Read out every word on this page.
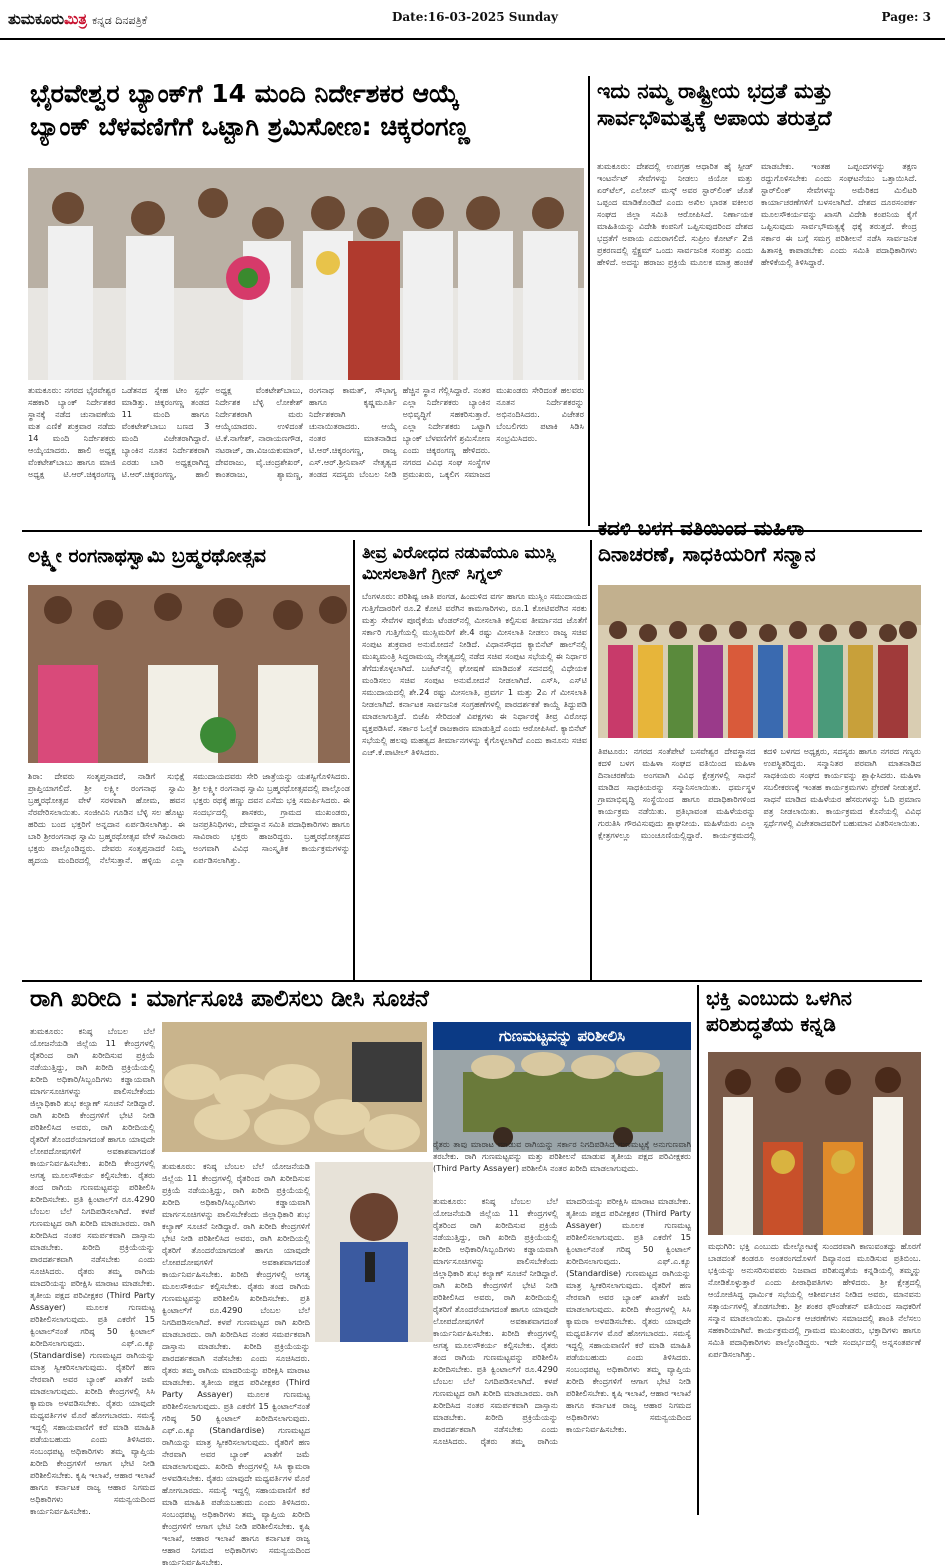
ತುಮಕೂರುಮಿತ್ರ ಕನ್ನಡ ದಿನಪತ್ರಿಕೆ	Date:16-03-2025 Sunday	Page: 3
ಭೈರವೇಶ್ವರ ಬ್ಯಾಂಕ್‌ಗೆ 14 ಮಂದಿ ನಿರ್ದೇಶಕರ ಆಯ್ಕೆ
ಬ್ಯಾಂಕ್ ಬೆಳವಣಿಗೆಗೆ ಒಟ್ಟಾಗಿ ಶ್ರಮಿಸೋಣ: ಚಿಕ್ಕರಂಗಣ್ಣ
ತುಮಕೂರು: ನಗರದ ಭೈರವೇಶ್ವರ ಸಹಕಾರಿ ಬ್ಯಾಂಕ್ ನಿರ್ದೇಶಕರ ಸ್ಥಾನಕ್ಕೆ ನಡೆದ ಚುನಾವಣೆಯ ಮತ ಎಣಿಕೆ ಶುಕ್ರವಾರ ನಡೆದು 14 ಮಂದಿ ನಿರ್ದೇಶಕರು ಆಯ್ಕೆಯಾದರು. ಹಾಲಿ ಅಧ್ಯಕ್ಷ ವೆಂಕಟೇಶ್‌ಬಾಬು ಹಾಗೂ ಮಾಜಿ ಅಧ್ಯಕ್ಷ ಟಿ.ಆರ್.ಚಿಕ್ಕರಂಗಣ್ಣ ಒಡೆತನದ ಸ್ನೇಹ ಟೀಂ ಸ್ಪರ್ಧೆ ಮಾಡಿತ್ತು. ಚಿಕ್ಕರಂಗಣ್ಣ ತಂಡದ 11 ಮಂದಿ ಹಾಗೂ ವೆಂಕಟೇಶ್‌ಬಾಬು ಬಣದ 3 ಮಂದಿ ವಿಜೇತರಾಗಿದ್ದಾರೆ. ಬ್ಯಾಂಕಿನ ನೂತನ ನಿರ್ದೇಶಕರಾಗಿ ಎರಡು ಬಾರಿ ಅಧ್ಯಕ್ಷರಾಗಿದ್ದ ಟಿ.ಆರ್.ಚಿಕ್ಕರಂಗಣ್ಣ, ಹಾಲಿ ಅಧ್ಯಕ್ಷ ವೆಂಕಟೇಶ್‌ಬಾಬು, ನಿರ್ದೇಶಕ ಬೆಳ್ಳಿ ಲೋಕೇಶ್ ನಿರ್ದೇಶಕರಾಗಿ ಮರು ಆಯ್ಕೆಯಾದರು. ಉಳಿದಂತೆ ಟಿ.ಕೆ.ನಾಗೇಶ್, ನಾರಾಯಣಗೌಡ, ನಟರಾಜ್, ಡಾ.ವಿಜಯಕುಮಾರ್, ದೇವರಾಜು, ವೈ.ಚಂದ್ರಶೇಖರ್, ಕಾಂತರಾಜು, ಶ್ಯಾಮಣ್ಣ, ರಂಗನಾಥ ಕಾಮತ್, ಸೌಭಾಗ್ಯ ಹಾಗೂ ಕೃಷ್ಣಮೂರ್ತಿ ನಿರ್ದೇಶಕರಾಗಿ ಚುನಾಯಿತರಾದರು. ಆಯ್ಕೆ ನಂತರ ಮಾತನಾಡಿದ ಟಿ.ಆರ್.ಚಿಕ್ಕರಂಗಣ್ಣ, ರಾಜ್ಯ ಎಸ್.ಆರ್.ಶ್ರೀನಿವಾಸ್ ನೇತೃತ್ವದ ತಂಡದ ಸದಸ್ಯರು ಬೆಂಬಲ ನೀಡಿ ಹೆಚ್ಚಿನ ಸ್ಥಾನ ಗೆಲ್ಲಿಸಿದ್ದಾರೆ. ನಂತರ ಎಲ್ಲಾ ನಿರ್ದೇಶಕರು ಬ್ಯಾಂಕಿನ ಅಭಿವೃದ್ಧಿಗೆ ಸಹಕರಿಸುತ್ತಾರೆ. ಎಲ್ಲಾ ನಿರ್ದೇಶಕರು ಒಟ್ಟಾಗಿ ಬ್ಯಾಂಕ್ ಬೆಳವಣಿಗೆಗೆ ಶ್ರಮಿಸೋಣ ಎಂದು ಚಿಕ್ಕರಂಗಣ್ಣ ಹೇಳಿದರು. ನಗರದ ವಿವಿಧ ಸಂಘ ಸಂಸ್ಥೆಗಳ ಪ್ರಮುಖರು, ಒಕ್ಕಲಿಗ ಸಮಾಜದ ಮುಖಂಡರು ಸೇರಿದಂತೆ ಹಲವರು ನೂತನ ನಿರ್ದೇಶಕರನ್ನು ಅಭಿನಂದಿಸಿದರು. ವಿಜೇತರ ಬೆಂಬಲಿಗರು ಪಟಾಕಿ ಸಿಡಿಸಿ ಸಂಭ್ರಮಿಸಿದರು.
ಇದು ನಮ್ಮ ರಾಷ್ಟ್ರೀಯ ಭದ್ರತೆ ಮತ್ತು
ಸಾರ್ವಭೌಮತ್ವಕ್ಕೆ ಅಪಾಯ ತರುತ್ತದೆ
ತುಮಕೂರು: ದೇಶದಲ್ಲಿ ಉಪಗ್ರಹ ಆಧಾರಿತ ಹೈ ಸ್ಪೀಡ್ ಇಂಟರ್ನೆಟ್ ಸೇವೆಗಳನ್ನು ನೀಡಲು ಜಿಯೋ ಮತ್ತು ಏರ್‌ಟೆಲ್, ಎಲೋನ್ ಮಸ್ಕ್ ಅವರ ಸ್ಟಾರ್‌ಲಿಂಕ್ ಜೊತೆ ಒಪ್ಪಂದ ಮಾಡಿಕೊಂಡಿದೆ ಎಂದು ಅಖಿಲ ಭಾರತ ವಕೀಲರ ಸಂಘದ ಜಿಲ್ಲಾ ಸಮಿತಿ ಆರೋಪಿಸಿದೆ. ನಿರ್ಣಾಯಕ ಮಾಹಿತಿಯನ್ನು ವಿದೇಶಿ ಕಂಪನಿಗೆ ಒಪ್ಪಿಸುವುದರಿಂದ ದೇಶದ ಭದ್ರತೆಗೆ ಅಪಾಯ ಎದುರಾಗಲಿದೆ. ಸುಪ್ರೀಂ ಕೋರ್ಟ್ 2ಜಿ ಪ್ರಕರಣದಲ್ಲಿ ಸ್ಪೆಕ್ಟ್ರಮ್ ಒಂದು ಸಾರ್ವಜನಿಕ ಸಂಪತ್ತು ಎಂದು ಹೇಳಿದೆ. ಅದನ್ನು ಹರಾಜು ಪ್ರಕ್ರಿಯೆ ಮೂಲಕ ಮಾತ್ರ ಹಂಚಿಕೆ ಮಾಡಬೇಕು. ಇಂತಹ ಒಪ್ಪಂದಗಳನ್ನು ತಕ್ಷಣ ರದ್ದುಗೊಳಿಸಬೇಕು ಎಂದು ಸಂಘಟನೆಯು ಒತ್ತಾಯಿಸಿದೆ. ಸ್ಟಾರ್‌ಲಿಂಕ್ ಸೇವೆಗಳನ್ನು ಅಮೆರಿಕದ ಮಿಲಿಟರಿ ಕಾರ್ಯಾಚರಣೆಗಳಿಗೆ ಬಳಸಲಾಗಿದೆ. ದೇಶದ ದೂರಸಂಪರ್ಕ ಮೂಲಸೌಕರ್ಯವನ್ನು ಖಾಸಗಿ ವಿದೇಶಿ ಕಂಪನಿಯ ಕೈಗೆ ಒಪ್ಪಿಸುವುದು ಸಾರ್ವಭೌಮತ್ವಕ್ಕೆ ಧಕ್ಕೆ ತರುತ್ತದೆ. ಕೇಂದ್ರ ಸರ್ಕಾರ ಈ ಬಗ್ಗೆ ಸಮಗ್ರ ಪರಿಶೀಲನೆ ನಡೆಸಿ ಸಾರ್ವಜನಿಕ ಹಿತಾಸಕ್ತಿ ಕಾಪಾಡಬೇಕು ಎಂದು ಸಮಿತಿ ಪದಾಧಿಕಾರಿಗಳು ಹೇಳಿಕೆಯಲ್ಲಿ ತಿಳಿಸಿದ್ದಾರೆ.
ಲಕ್ಷ್ಮೀ ರಂಗನಾಥಸ್ವಾಮಿ ಬ್ರಹ್ಮರಥೋತ್ಸವ
ಶಿರಾ: ದೇವರು ಸಂತೃಪ್ತನಾದರೆ, ನಾಡಿಗೆ ಸುಭಿಕ್ಷೆ ಪ್ರಾಪ್ತಿಯಾಗಲಿದೆ. ಶ್ರೀ ಲಕ್ಷ್ಮೀ ರಂಗನಾಥ ಸ್ವಾಮಿ ಬ್ರಹ್ಮರಥೋತ್ಸವ ವೇಳೆ ಸರಳವಾಗಿ ಹೋಮ, ಹವನ ನೆರವೇರಿಸಲಾಯಿತು. ಸಂಜೀವಿನಿ ಗೂಡಿನ ಬೆಳ್ಳಿ ಸಲ ಹೊಟ್ಟು ಹರಿದು ಬಂದ ಭಕ್ತರಿಗೆ ಅನ್ನದಾನ ಏರ್ಪಡಿಸಲಾಗಿತ್ತು. ಈ ಬಾರಿ ಶ್ರೀರಂಗನಾಥ ಸ್ವಾಮಿ ಬ್ರಹ್ಮರಥೋತ್ಸವ ವೇಳೆ ಸಾವಿರಾರು ಭಕ್ತರು ಪಾಲ್ಗೊಂಡಿದ್ದರು. ದೇವರು ಸಂತೃಪ್ತನಾದರೆ ನಿಮ್ಮ ಹೃದಯ ಮಂದಿರದಲ್ಲಿ ನೆಲೆಸುತ್ತಾನೆ. ಹಳ್ಳಿಯ ಎಲ್ಲಾ ಸಮುದಾಯದವರು ಸೇರಿ ಜಾತ್ರೆಯನ್ನು ಯಶಸ್ವಿಗೊಳಿಸಿದರು. ಶ್ರೀ ಲಕ್ಷ್ಮೀ ರಂಗನಾಥ ಸ್ವಾಮಿ ಬ್ರಹ್ಮರಥೋತ್ಸವದಲ್ಲಿ ಪಾಲ್ಗೊಂಡ ಭಕ್ತರು ರಥಕ್ಕೆ ಹಣ್ಣು ದವನ ಎಸೆದು ಭಕ್ತಿ ಸಮರ್ಪಿಸಿದರು. ಈ ಸಂದರ್ಭದಲ್ಲಿ ಶಾಸಕರು, ಗ್ರಾಮದ ಮುಖಂಡರು, ಜನಪ್ರತಿನಿಧಿಗಳು, ದೇವಸ್ಥಾನ ಸಮಿತಿ ಪದಾಧಿಕಾರಿಗಳು ಹಾಗೂ ಸಾವಿರಾರು ಭಕ್ತರು ಹಾಜರಿದ್ದರು. ಬ್ರಹ್ಮರಥೋತ್ಸವದ ಅಂಗವಾಗಿ ವಿವಿಧ ಸಾಂಸ್ಕೃತಿಕ ಕಾರ್ಯಕ್ರಮಗಳನ್ನು ಏರ್ಪಡಿಸಲಾಗಿತ್ತು.
ತೀವ್ರ ವಿರೋಧದ ನಡುವೆಯೂ ಮುಸ್ಲಿ
ಮೀಸಲಾತಿಗೆ ಗ್ರೀನ್ ಸಿಗ್ನಲ್
ಬೆಂಗಳೂರು: ಪರಿಶಿಷ್ಟ ಜಾತಿ ಪಂಗಡ, ಹಿಂದುಳಿದ ವರ್ಗ ಹಾಗೂ ಮುಸ್ಲಿಂ ಸಮುದಾಯದ ಗುತ್ತಿಗೆದಾರರಿಗೆ ರೂ.2 ಕೋಟಿ ವರೆಗಿನ ಕಾಮಗಾರಿಗಳು, ರೂ.1 ಕೋಟಿವರೆಗಿನ ಸರಕು ಮತ್ತು ಸೇವೆಗಳ ಪೂರೈಕೆಯ ಟೆಂಡರ್‌ನಲ್ಲಿ ಮೀಸಲಾತಿ ಕಲ್ಪಿಸುವ ತೀರ್ಮಾನದ ಜೊತೆಗೆ ಸರ್ಕಾರಿ ಗುತ್ತಿಗೆಯಲ್ಲಿ ಮುಸ್ಲಿಮರಿಗೆ ಶೇ.4 ರಷ್ಟು ಮೀಸಲಾತಿ ನೀಡಲು ರಾಜ್ಯ ಸಚಿವ ಸಂಪುಟ ಶುಕ್ರವಾರ ಅನುಮೋದನೆ ನೀಡಿದೆ. ವಿಧಾನಸೌಧದ ಕ್ಯಾಬಿನೆಟ್ ಹಾಲ್‌ನಲ್ಲಿ ಮುಖ್ಯಮಂತ್ರಿ ಸಿದ್ದರಾಮಯ್ಯ ನೇತೃತ್ವದಲ್ಲಿ ನಡೆದ ಸಚಿವ ಸಂಪುಟ ಸಭೆಯಲ್ಲಿ ಈ ನಿರ್ಧಾರ ತೆಗೆದುಕೊಳ್ಳಲಾಗಿದೆ. ಬಜೆಟ್‌ನಲ್ಲಿ ಘೋಷಣೆ ಮಾಡಿದಂತೆ ಸದನದಲ್ಲಿ ವಿಧೇಯಕ ಮಂಡಿಸಲು ಸಚಿವ ಸಂಪುಟ ಅನುಮೋದನೆ ನೀಡಲಾಗಿದೆ. ಎಸ್‌ಸಿ, ಎಸ್‌ಟಿ ಸಮುದಾಯದಲ್ಲಿ ಶೇ.24 ರಷ್ಟು ಮೀಸಲಾತಿ, ಪ್ರವರ್ಗ 1 ಮತ್ತು 2ಎ ಗೆ ಮೀಸಲಾತಿ ನೀಡಲಾಗಿದೆ. ಕರ್ನಾಟಕ ಸಾರ್ವಜನಿಕ ಸಂಗ್ರಹಣೆಗಳಲ್ಲಿ ಪಾರದರ್ಶಕತೆ ಕಾಯ್ದೆ ತಿದ್ದುಪಡಿ ಮಾಡಲಾಗುತ್ತಿದೆ. ಬಿಜೆಪಿ ಸೇರಿದಂತೆ ವಿಪಕ್ಷಗಳು ಈ ನಿರ್ಧಾರಕ್ಕೆ ತೀವ್ರ ವಿರೋಧ ವ್ಯಕ್ತಪಡಿಸಿವೆ. ಸರ್ಕಾರ ಓಲೈಕೆ ರಾಜಕಾರಣ ಮಾಡುತ್ತಿದೆ ಎಂದು ಆರೋಪಿಸಿವೆ. ಕ್ಯಾಬಿನೆಟ್ ಸಭೆಯಲ್ಲಿ ಹಲವು ಮಹತ್ವದ ತೀರ್ಮಾನಗಳನ್ನು ಕೈಗೊಳ್ಳಲಾಗಿದೆ ಎಂದು ಕಾನೂನು ಸಚಿವ ಎಚ್.ಕೆ.ಪಾಟೀಲ್ ತಿಳಿಸಿದರು.
ಕದಳಿ ಬಳಗ ವತಿಯಿಂದ ಮಹಿಳಾ
ದಿನಾಚರಣೆ, ಸಾಧಕಿಯರಿಗೆ ಸನ್ಮಾನ
ತಿಪಟೂರು: ನಗರದ ಸಂತೆಪೇಟೆ ಬಸವೇಶ್ವರ ದೇವಸ್ಥಾನದ ಕದಳಿ ಬಳಗ ಮಹಿಳಾ ಸಂಘದ ವತಿಯಿಂದ ಮಹಿಳಾ ದಿನಾಚರಣೆಯ ಅಂಗವಾಗಿ ವಿವಿಧ ಕ್ಷೇತ್ರಗಳಲ್ಲಿ ಸಾಧನೆ ಮಾಡಿದ ಸಾಧಕಿಯರನ್ನು ಸನ್ಮಾನಿಸಲಾಯಿತು. ಧರ್ಮಸ್ಥಳ ಗ್ರಾಮಾಭಿವೃದ್ಧಿ ಸಂಸ್ಥೆಯಿಂದ ಹಾಗೂ ಪದಾಧಿಕಾರಿಗಳಿಂದ ಕಾರ್ಯಕ್ರಮ ನಡೆಯಿತು. ಪ್ರತಿಭಾವಂತ ಮಹಿಳೆಯರನ್ನು ಗುರುತಿಸಿ ಗೌರವಿಸುವುದು ಶ್ಲಾಘನೀಯ. ಮಹಿಳೆಯರು ಎಲ್ಲಾ ಕ್ಷೇತ್ರಗಳಲ್ಲೂ ಮುಂಚೂಣಿಯಲ್ಲಿದ್ದಾರೆ. ಕಾರ್ಯಕ್ರಮದಲ್ಲಿ ಕದಳಿ ಬಳಗದ ಅಧ್ಯಕ್ಷರು, ಸದಸ್ಯರು ಹಾಗೂ ನಗರದ ಗಣ್ಯರು ಉಪಸ್ಥಿತರಿದ್ದರು. ಸನ್ಮಾನಿತರ ಪರವಾಗಿ ಮಾತನಾಡಿದ ಸಾಧಕಿಯರು ಸಂಘದ ಕಾರ್ಯವನ್ನು ಶ್ಲಾಘಿಸಿದರು. ಮಹಿಳಾ ಸಬಲೀಕರಣಕ್ಕೆ ಇಂತಹ ಕಾರ್ಯಕ್ರಮಗಳು ಪ್ರೇರಣೆ ನೀಡುತ್ತವೆ. ಸಾಧನೆ ಮಾಡಿದ ಮಹಿಳೆಯರ ಹೆಸರುಗಳನ್ನು ಓದಿ ಪ್ರಮಾಣ ಪತ್ರ ನೀಡಲಾಯಿತು. ಕಾರ್ಯಕ್ರಮದ ಕೊನೆಯಲ್ಲಿ ವಿವಿಧ ಸ್ಪರ್ಧೆಗಳಲ್ಲಿ ವಿಜೇತರಾದವರಿಗೆ ಬಹುಮಾನ ವಿತರಿಸಲಾಯಿತು.
ರಾಗಿ ಖರೀದಿ : ಮಾರ್ಗಸೂಚಿ ಪಾಲಿಸಲು ಡೀಸಿ ಸೂಚನೆ
ಗುಣಮಟ್ಟವನ್ನು ಪರಿಶೀಲಿಸಿ
ರೈತರು ತಾವು ಮಾರಾಟ ಮಾಡುವ ರಾಗಿಯನ್ನು ಸರ್ಕಾರ ನಿಗದಿಪಡಿಸಿದ ಗುಣಮಟ್ಟಕ್ಕೆ ಅನುಗುಣವಾಗಿ ತರಬೇಕು. ರಾಗಿ ಗುಣಮಟ್ಟವನ್ನು ಮತ್ತು ಪರಿಶೀಲನೆ ಮಾಡುವ ತೃತೀಯ ಪಕ್ಷದ ಪರಿವೀಕ್ಷಕರು (Third Party Assayer) ಪರಿಶೀಲಿಸಿ ನಂತರ ಖರೀದಿ ಮಾಡಲಾಗುವುದು.
ತುಮಕೂರು: ಕನಿಷ್ಠ ಬೆಂಬಲ ಬೆಲೆ ಯೋಜನೆಯಡಿ ಜಿಲ್ಲೆಯ 11 ಕೇಂದ್ರಗಳಲ್ಲಿ ರೈತರಿಂದ ರಾಗಿ ಖರೀದಿಸುವ ಪ್ರಕ್ರಿಯೆ ನಡೆಯುತ್ತಿದ್ದು, ರಾಗಿ ಖರೀದಿ ಪ್ರಕ್ರಿಯೆಯಲ್ಲಿ ಖರೀದಿ ಅಧಿಕಾರಿ/ಸಿಬ್ಬಂದಿಗಳು ಕಡ್ಡಾಯವಾಗಿ ಮಾರ್ಗಸೂಚಿಗಳನ್ನು ಪಾಲಿಸಬೇಕೆಂದು ಜಿಲ್ಲಾಧಿಕಾರಿ ಶುಭ ಕಲ್ಯಾಣ್ ಸೂಚನೆ ನೀಡಿದ್ದಾರೆ. ರಾಗಿ ಖರೀದಿ ಕೇಂದ್ರಗಳಿಗೆ ಭೇಟಿ ನೀಡಿ ಪರಿಶೀಲಿಸಿದ ಅವರು, ರಾಗಿ ಖರೀದಿಯಲ್ಲಿ ರೈತರಿಗೆ ತೊಂದರೆಯಾಗದಂತೆ ಹಾಗೂ ಯಾವುದೇ ಲೋಪದೋಷಗಳಿಗೆ ಅವಕಾಶವಾಗದಂತೆ ಕಾರ್ಯನಿರ್ವಹಿಸಬೇಕು. ಖರೀದಿ ಕೇಂದ್ರಗಳಲ್ಲಿ ಅಗತ್ಯ ಮೂಲಸೌಕರ್ಯ ಕಲ್ಪಿಸಬೇಕು. ರೈತರು ತಂದ ರಾಗಿಯ ಗುಣಮಟ್ಟವನ್ನು ಪರಿಶೀಲಿಸಿ ಖರೀದಿಸಬೇಕು. ಪ್ರತಿ ಕ್ವಿಂಟಾಲ್‌ಗೆ ರೂ.4290 ಬೆಂಬಲ ಬೆಲೆ ನಿಗದಿಪಡಿಸಲಾಗಿದೆ. ಕಳಪೆ ಗುಣಮಟ್ಟದ ರಾಗಿ ಖರೀದಿ ಮಾಡಬಾರದು. ರಾಗಿ ಖರೀದಿಸಿದ ನಂತರ ಸಮರ್ಪಕವಾಗಿ ದಾಸ್ತಾನು ಮಾಡಬೇಕು. ಖರೀದಿ ಪ್ರಕ್ರಿಯೆಯನ್ನು ಪಾರದರ್ಶಕವಾಗಿ ನಡೆಸಬೇಕು ಎಂದು ಸೂಚಿಸಿದರು. ರೈತರು ತಮ್ಮ ರಾಗಿಯ ಮಾದರಿಯನ್ನು ಪರೀಕ್ಷಿಸಿ ಮಾರಾಟ ಮಾಡಬೇಕು. ತೃತೀಯ ಪಕ್ಷದ ಪರಿವೀಕ್ಷಕರ (Third Party Assayer) ಮೂಲಕ ಗುಣಮಟ್ಟ ಪರಿಶೀಲಿಸಲಾಗುವುದು. ಪ್ರತಿ ಎಕರೆಗೆ 15 ಕ್ವಿಂಟಾಲ್‌ನಂತೆ ಗರಿಷ್ಠ 50 ಕ್ವಿಂಟಾಲ್ ಖರೀದಿಸಲಾಗುವುದು. ಎಫ್.ಎ.ಕ್ಯೂ (Standardise) ಗುಣಮಟ್ಟದ ರಾಗಿಯನ್ನು ಮಾತ್ರ ಸ್ವೀಕರಿಸಲಾಗುವುದು. ರೈತರಿಗೆ ಹಣ ನೇರವಾಗಿ ಅವರ ಬ್ಯಾಂಕ್ ಖಾತೆಗೆ ಜಮೆ ಮಾಡಲಾಗುವುದು. ಖರೀದಿ ಕೇಂದ್ರಗಳಲ್ಲಿ ಸಿಸಿ ಕ್ಯಾಮರಾ ಅಳವಡಿಸಬೇಕು. ರೈತರು ಯಾವುದೇ ಮಧ್ಯವರ್ತಿಗಳ ಮೊರೆ ಹೋಗಬಾರದು. ಸಮಸ್ಯೆ ಇದ್ದಲ್ಲಿ ಸಹಾಯವಾಣಿಗೆ ಕರೆ ಮಾಡಿ ಮಾಹಿತಿ ಪಡೆಯಬಹುದು ಎಂದು ತಿಳಿಸಿದರು. ಸಂಬಂಧಪಟ್ಟ ಅಧಿಕಾರಿಗಳು ತಮ್ಮ ವ್ಯಾಪ್ತಿಯ ಖರೀದಿ ಕೇಂದ್ರಗಳಿಗೆ ಆಗಾಗ ಭೇಟಿ ನೀಡಿ ಪರಿಶೀಲಿಸಬೇಕು. ಕೃಷಿ ಇಲಾಖೆ, ಆಹಾರ ಇಲಾಖೆ ಹಾಗೂ ಕರ್ನಾಟಕ ರಾಜ್ಯ ಆಹಾರ ನಿಗಮದ ಅಧಿಕಾರಿಗಳು ಸಮನ್ವಯದಿಂದ ಕಾರ್ಯನಿರ್ವಹಿಸಬೇಕು.
ತುಮಕೂರು: ಕನಿಷ್ಠ ಬೆಂಬಲ ಬೆಲೆ ಯೋಜನೆಯಡಿ ಜಿಲ್ಲೆಯ 11 ಕೇಂದ್ರಗಳಲ್ಲಿ ರೈತರಿಂದ ರಾಗಿ ಖರೀದಿಸುವ ಪ್ರಕ್ರಿಯೆ ನಡೆಯುತ್ತಿದ್ದು, ರಾಗಿ ಖರೀದಿ ಪ್ರಕ್ರಿಯೆಯಲ್ಲಿ ಖರೀದಿ ಅಧಿಕಾರಿ/ಸಿಬ್ಬಂದಿಗಳು ಕಡ್ಡಾಯವಾಗಿ ಮಾರ್ಗಸೂಚಿಗಳನ್ನು ಪಾಲಿಸಬೇಕೆಂದು ಜಿಲ್ಲಾಧಿಕಾರಿ ಶುಭ ಕಲ್ಯಾಣ್ ಸೂಚನೆ ನೀಡಿದ್ದಾರೆ. ರಾಗಿ ಖರೀದಿ ಕೇಂದ್ರಗಳಿಗೆ ಭೇಟಿ ನೀಡಿ ಪರಿಶೀಲಿಸಿದ ಅವರು, ರಾಗಿ ಖರೀದಿಯಲ್ಲಿ ರೈತರಿಗೆ ತೊಂದರೆಯಾಗದಂತೆ ಹಾಗೂ ಯಾವುದೇ ಲೋಪದೋಷಗಳಿಗೆ ಅವಕಾಶವಾಗದಂತೆ ಕಾರ್ಯನಿರ್ವಹಿಸಬೇಕು. ಖರೀದಿ ಕೇಂದ್ರಗಳಲ್ಲಿ ಅಗತ್ಯ ಮೂಲಸೌಕರ್ಯ ಕಲ್ಪಿಸಬೇಕು. ರೈತರು ತಂದ ರಾಗಿಯ ಗುಣಮಟ್ಟವನ್ನು ಪರಿಶೀಲಿಸಿ ಖರೀದಿಸಬೇಕು. ಪ್ರತಿ ಕ್ವಿಂಟಾಲ್‌ಗೆ ರೂ.4290 ಬೆಂಬಲ ಬೆಲೆ ನಿಗದಿಪಡಿಸಲಾಗಿದೆ. ಕಳಪೆ ಗುಣಮಟ್ಟದ ರಾಗಿ ಖರೀದಿ ಮಾಡಬಾರದು. ರಾಗಿ ಖರೀದಿಸಿದ ನಂತರ ಸಮರ್ಪಕವಾಗಿ ದಾಸ್ತಾನು ಮಾಡಬೇಕು. ಖರೀದಿ ಪ್ರಕ್ರಿಯೆಯನ್ನು ಪಾರದರ್ಶಕವಾಗಿ ನಡೆಸಬೇಕು ಎಂದು ಸೂಚಿಸಿದರು. ರೈತರು ತಮ್ಮ ರಾಗಿಯ ಮಾದರಿಯನ್ನು ಪರೀಕ್ಷಿಸಿ ಮಾರಾಟ ಮಾಡಬೇಕು. ತೃತೀಯ ಪಕ್ಷದ ಪರಿವೀಕ್ಷಕರ (Third Party Assayer) ಮೂಲಕ ಗುಣಮಟ್ಟ ಪರಿಶೀಲಿಸಲಾಗುವುದು. ಪ್ರತಿ ಎಕರೆಗೆ 15 ಕ್ವಿಂಟಾಲ್‌ನಂತೆ ಗರಿಷ್ಠ 50 ಕ್ವಿಂಟಾಲ್ ಖರೀದಿಸಲಾಗುವುದು. ಎಫ್.ಎ.ಕ್ಯೂ (Standardise) ಗುಣಮಟ್ಟದ ರಾಗಿಯನ್ನು ಮಾತ್ರ ಸ್ವೀಕರಿಸಲಾಗುವುದು. ರೈತರಿಗೆ ಹಣ ನೇರವಾಗಿ ಅವರ ಬ್ಯಾಂಕ್ ಖಾತೆಗೆ ಜಮೆ ಮಾಡಲಾಗುವುದು. ಖರೀದಿ ಕೇಂದ್ರಗಳಲ್ಲಿ ಸಿಸಿ ಕ್ಯಾಮರಾ ಅಳವಡಿಸಬೇಕು. ರೈತರು ಯಾವುದೇ ಮಧ್ಯವರ್ತಿಗಳ ಮೊರೆ ಹೋಗಬಾರದು. ಸಮಸ್ಯೆ ಇದ್ದಲ್ಲಿ ಸಹಾಯವಾಣಿಗೆ ಕರೆ ಮಾಡಿ ಮಾಹಿತಿ ಪಡೆಯಬಹುದು ಎಂದು ತಿಳಿಸಿದರು. ಸಂಬಂಧಪಟ್ಟ ಅಧಿಕಾರಿಗಳು ತಮ್ಮ ವ್ಯಾಪ್ತಿಯ ಖರೀದಿ ಕೇಂದ್ರಗಳಿಗೆ ಆಗಾಗ ಭೇಟಿ ನೀಡಿ ಪರಿಶೀಲಿಸಬೇಕು. ಕೃಷಿ ಇಲಾಖೆ, ಆಹಾರ ಇಲಾಖೆ ಹಾಗೂ ಕರ್ನಾಟಕ ರಾಜ್ಯ ಆಹಾರ ನಿಗಮದ ಅಧಿಕಾರಿಗಳು ಸಮನ್ವಯದಿಂದ ಕಾರ್ಯನಿರ್ವಹಿಸಬೇಕು.
ತುಮಕೂರು: ಕನಿಷ್ಠ ಬೆಂಬಲ ಬೆಲೆ ಯೋಜನೆಯಡಿ ಜಿಲ್ಲೆಯ 11 ಕೇಂದ್ರಗಳಲ್ಲಿ ರೈತರಿಂದ ರಾಗಿ ಖರೀದಿಸುವ ಪ್ರಕ್ರಿಯೆ ನಡೆಯುತ್ತಿದ್ದು, ರಾಗಿ ಖರೀದಿ ಪ್ರಕ್ರಿಯೆಯಲ್ಲಿ ಖರೀದಿ ಅಧಿಕಾರಿ/ಸಿಬ್ಬಂದಿಗಳು ಕಡ್ಡಾಯವಾಗಿ ಮಾರ್ಗಸೂಚಿಗಳನ್ನು ಪಾಲಿಸಬೇಕೆಂದು ಜಿಲ್ಲಾಧಿಕಾರಿ ಶುಭ ಕಲ್ಯಾಣ್ ಸೂಚನೆ ನೀಡಿದ್ದಾರೆ. ರಾಗಿ ಖರೀದಿ ಕೇಂದ್ರಗಳಿಗೆ ಭೇಟಿ ನೀಡಿ ಪರಿಶೀಲಿಸಿದ ಅವರು, ರಾಗಿ ಖರೀದಿಯಲ್ಲಿ ರೈತರಿಗೆ ತೊಂದರೆಯಾಗದಂತೆ ಹಾಗೂ ಯಾವುದೇ ಲೋಪದೋಷಗಳಿಗೆ ಅವಕಾಶವಾಗದಂತೆ ಕಾರ್ಯನಿರ್ವಹಿಸಬೇಕು. ಖರೀದಿ ಕೇಂದ್ರಗಳಲ್ಲಿ ಅಗತ್ಯ ಮೂಲಸೌಕರ್ಯ ಕಲ್ಪಿಸಬೇಕು. ರೈತರು ತಂದ ರಾಗಿಯ ಗುಣಮಟ್ಟವನ್ನು ಪರಿಶೀಲಿಸಿ ಖರೀದಿಸಬೇಕು. ಪ್ರತಿ ಕ್ವಿಂಟಾಲ್‌ಗೆ ರೂ.4290 ಬೆಂಬಲ ಬೆಲೆ ನಿಗದಿಪಡಿಸಲಾಗಿದೆ. ಕಳಪೆ ಗುಣಮಟ್ಟದ ರಾಗಿ ಖರೀದಿ ಮಾಡಬಾರದು. ರಾಗಿ ಖರೀದಿಸಿದ ನಂತರ ಸಮರ್ಪಕವಾಗಿ ದಾಸ್ತಾನು ಮಾಡಬೇಕು. ಖರೀದಿ ಪ್ರಕ್ರಿಯೆಯನ್ನು ಪಾರದರ್ಶಕವಾಗಿ ನಡೆಸಬೇಕು ಎಂದು ಸೂಚಿಸಿದರು. ರೈತರು ತಮ್ಮ ರಾಗಿಯ ಮಾದರಿಯನ್ನು ಪರೀಕ್ಷಿಸಿ ಮಾರಾಟ ಮಾಡಬೇಕು. ತೃತೀಯ ಪಕ್ಷದ ಪರಿವೀಕ್ಷಕರ (Third Party Assayer) ಮೂಲಕ ಗುಣಮಟ್ಟ ಪರಿಶೀಲಿಸಲಾಗುವುದು. ಪ್ರತಿ ಎಕರೆಗೆ 15 ಕ್ವಿಂಟಾಲ್‌ನಂತೆ ಗರಿಷ್ಠ 50 ಕ್ವಿಂಟಾಲ್ ಖರೀದಿಸಲಾಗುವುದು. ಎಫ್.ಎ.ಕ್ಯೂ (Standardise) ಗುಣಮಟ್ಟದ ರಾಗಿಯನ್ನು ಮಾತ್ರ ಸ್ವೀಕರಿಸಲಾಗುವುದು. ರೈತರಿಗೆ ಹಣ ನೇರವಾಗಿ ಅವರ ಬ್ಯಾಂಕ್ ಖಾತೆಗೆ ಜಮೆ ಮಾಡಲಾಗುವುದು. ಖರೀದಿ ಕೇಂದ್ರಗಳಲ್ಲಿ ಸಿಸಿ ಕ್ಯಾಮರಾ ಅಳವಡಿಸಬೇಕು. ರೈತರು ಯಾವುದೇ ಮಧ್ಯವರ್ತಿಗಳ ಮೊರೆ ಹೋಗಬಾರದು. ಸಮಸ್ಯೆ ಇದ್ದಲ್ಲಿ ಸಹಾಯವಾಣಿಗೆ ಕರೆ ಮಾಡಿ ಮಾಹಿತಿ ಪಡೆಯಬಹುದು ಎಂದು ತಿಳಿಸಿದರು. ಸಂಬಂಧಪಟ್ಟ ಅಧಿಕಾರಿಗಳು ತಮ್ಮ ವ್ಯಾಪ್ತಿಯ ಖರೀದಿ ಕೇಂದ್ರಗಳಿಗೆ ಆಗಾಗ ಭೇಟಿ ನೀಡಿ ಪರಿಶೀಲಿಸಬೇಕು. ಕೃಷಿ ಇಲಾಖೆ, ಆಹಾರ ಇಲಾಖೆ ಹಾಗೂ ಕರ್ನಾಟಕ ರಾಜ್ಯ ಆಹಾರ ನಿಗಮದ ಅಧಿಕಾರಿಗಳು ಸಮನ್ವಯದಿಂದ ಕಾರ್ಯನಿರ್ವಹಿಸಬೇಕು.
ಭಕ್ತಿ ಎಂಬುದು ಒಳಗಿನ
ಪರಿಶುದ್ಧತೆಯ ಕನ್ನಡಿ
ಮಧುಗಿರಿ: ಭಕ್ತಿ ಎಂಬುದು ಮೇಲ್ನೋಟಕ್ಕೆ ಸುಂದರವಾಗಿ ಕಾಣುವಂತದ್ದು ಹೊರಗೆ ಬಾಡದಂತೆ ಕಂಡರೂ ಅಂತರಂಗದೊಳಗೆ ದಿವ್ಯಾನಂದ ಮೂಡಿಸುವ ಪ್ರತಿಬಿಂಬ. ಭಕ್ತಿಯನ್ನು ಅನುಸರಿಸುವವರು ನಿಜವಾದ ಪರಿಶುದ್ಧತೆಯ ಕನ್ನಡಿಯಲ್ಲಿ ತಮ್ಮನ್ನು ನೋಡಿಕೊಳ್ಳುತ್ತಾರೆ ಎಂದು ಪೀಠಾಧಿಪತಿಗಳು ಹೇಳಿದರು. ಶ್ರೀ ಕ್ಷೇತ್ರದಲ್ಲಿ ಆಯೋಜಿಸಿದ್ದ ಧಾರ್ಮಿಕ ಸಭೆಯಲ್ಲಿ ಆಶೀರ್ವಚನ ನೀಡಿದ ಅವರು, ಮಾನವನು ಸತ್ಕಾರ್ಯಗಳಲ್ಲಿ ತೊಡಗಬೇಕು. ಶ್ರೀ ಶಂಕರ ಫೌಂಡೇಶನ್ ವತಿಯಿಂದ ಸಾಧಕರಿಗೆ ಸನ್ಮಾನ ಮಾಡಲಾಯಿತು. ಧಾರ್ಮಿಕ ಆಚರಣೆಗಳು ಸಮಾಜದಲ್ಲಿ ಶಾಂತಿ ನೆಲೆಸಲು ಸಹಕಾರಿಯಾಗಿವೆ. ಕಾರ್ಯಕ್ರಮದಲ್ಲಿ ಗ್ರಾಮದ ಮುಖಂಡರು, ಭಕ್ತಾದಿಗಳು ಹಾಗೂ ಸಮಿತಿ ಪದಾಧಿಕಾರಿಗಳು ಪಾಲ್ಗೊಂಡಿದ್ದರು. ಇದೇ ಸಂದರ್ಭದಲ್ಲಿ ಅನ್ನಸಂತರ್ಪಣೆ ಏರ್ಪಡಿಸಲಾಗಿತ್ತು.
